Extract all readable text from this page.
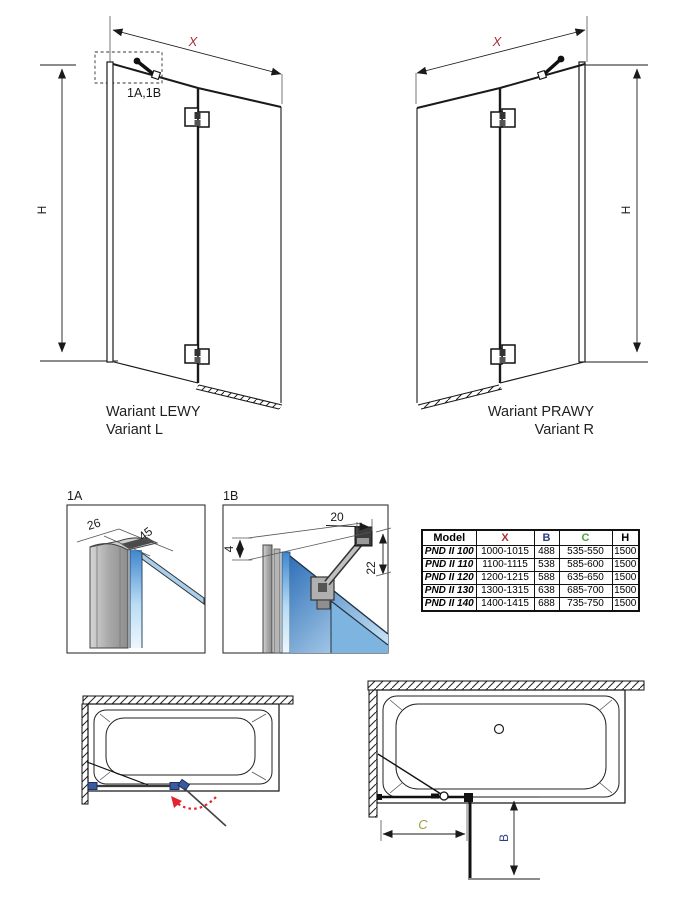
X
H
1A,1B
Wariant LEWY
Variant L
X
H
Wariant PRAWY
Variant R
1A
26
45
1B
4
20
22
C
B
Model	X	B	C	H
PND II 100	1000-1015	488	535-550	1500
PND II 110	1100-1115	538	585-600	1500
PND II 120	1200-1215	588	635-650	1500
PND II 130	1300-1315	638	685-700	1500
PND II 140	1400-1415	688	735-750	1500
